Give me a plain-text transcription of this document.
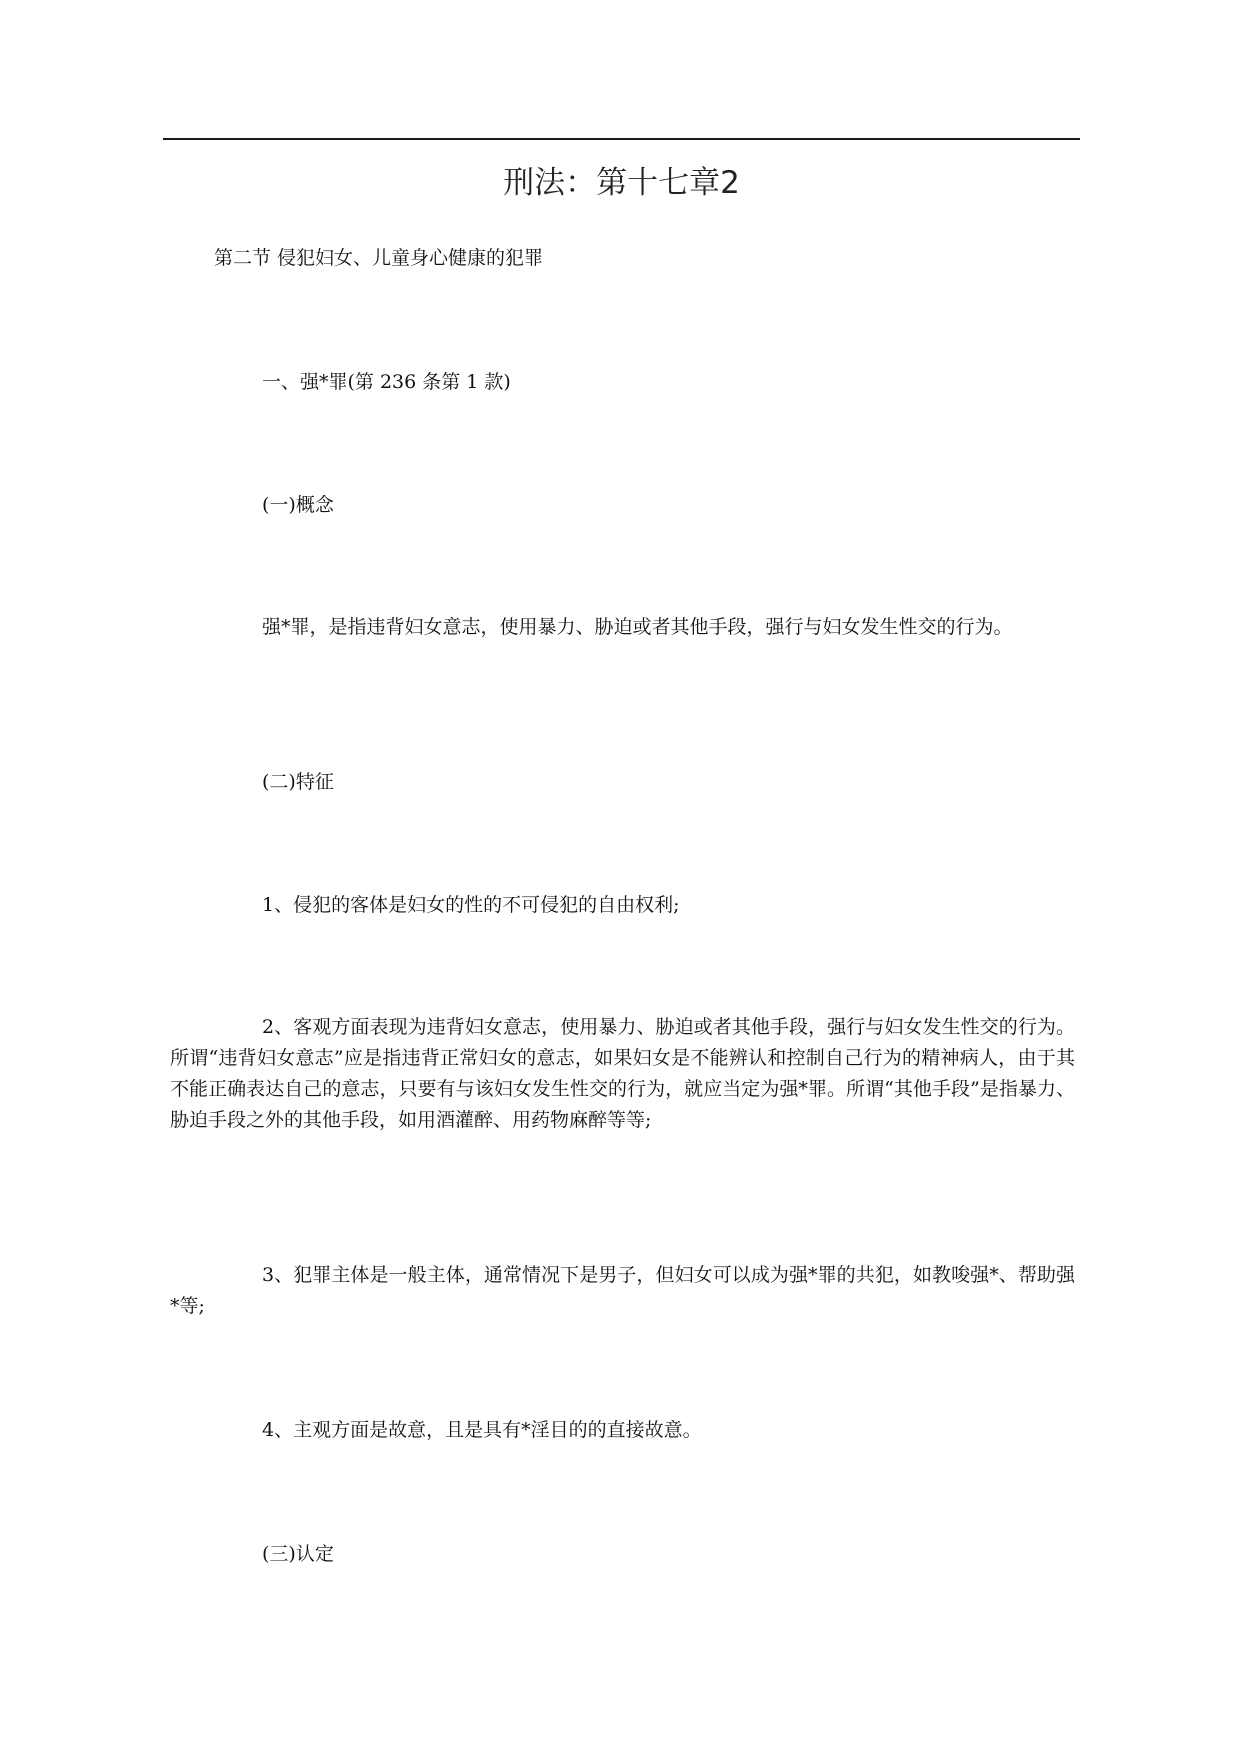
刑法：第十七章2
第二节 侵犯妇女、儿童身心健康的犯罪
一、强*罪(第 236 条第 1 款)
(一)概念

强*罪，是指违背妇女意志，使用暴力、胁迫或者其他手段，强行与妇女发生性交的行为。

(二)特征

1、侵犯的客体是妇女的性的不可侵犯的自由权利;

2、客观方面表现为违背妇女意志，使用暴力、胁迫或者其他手段，强行与妇女发生性交的行为。所谓“违背妇女意志”应是指违背正常妇女的意志，如果妇女是不能辨认和控制自己行为的精神病人，由于其不能正确表达自己的意志，只要有与该妇女发生性交的行为，就应当定为强*罪。所谓“其他手段”是指暴力、胁迫手段之外的其他手段，如用酒灌醉、用药物麻醉等等;

3、犯罪主体是一般主体，通常情况下是男子，但妇女可以成为强*罪的共犯，如教唆强*、帮助强*等;

4、主观方面是故意，且是具有*淫目的的直接故意。

(三)认定
